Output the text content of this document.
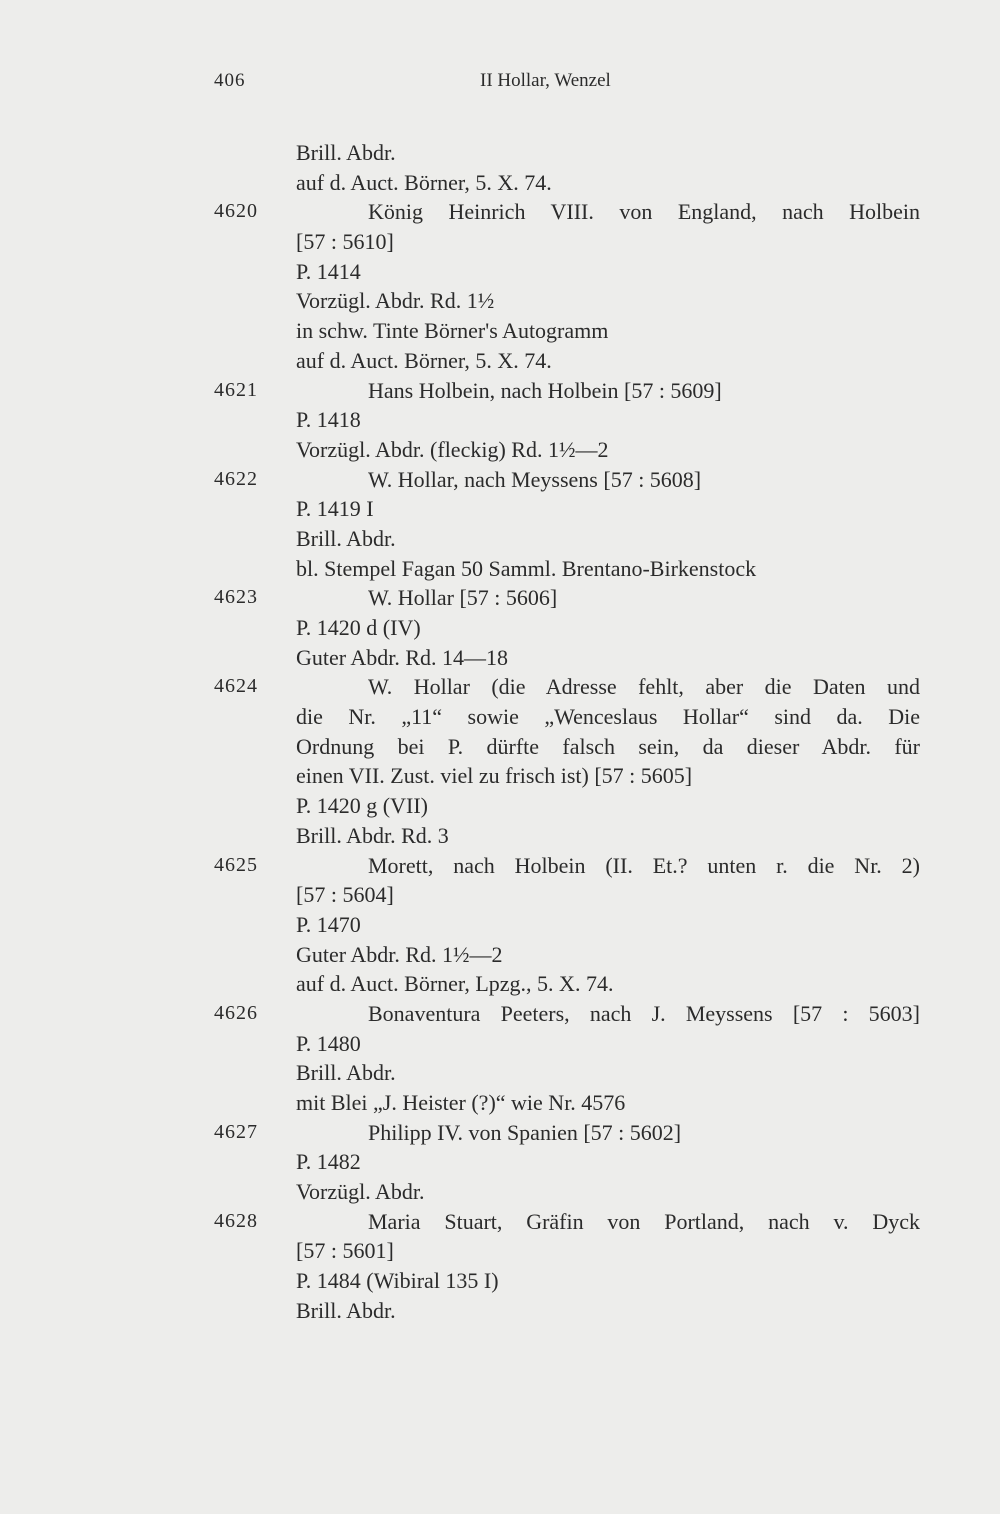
406	II Hollar, Wenzel
Brill. Abdr.
auf d. Auct. Börner, 5. X. 74.
4620	König Heinrich VIII. von England, nach Holbein
[57 : 5610]
P. 1414
Vorzügl. Abdr. Rd. 1½
in schw. Tinte Börner's Autogramm
auf d. Auct. Börner, 5. X. 74.
4621	Hans Holbein, nach Holbein [57 : 5609]
P. 1418
Vorzügl. Abdr. (fleckig) Rd. 1½—2
4622	W. Hollar, nach Meyssens [57 : 5608]
P. 1419 I
Brill. Abdr.
bl. Stempel Fagan 50 Samml. Brentano-Birkenstock
4623	W. Hollar [57 : 5606]
P. 1420 d (IV)
Guter Abdr. Rd. 14—18
4624	W. Hollar (die Adresse fehlt, aber die Daten und
die Nr. „11“ sowie „Wenceslaus Hollar“ sind da. Die
Ordnung bei P. dürfte falsch sein, da dieser Abdr. für
einen VII. Zust. viel zu frisch ist) [57 : 5605]
P. 1420 g (VII)
Brill. Abdr. Rd. 3
4625	Morett, nach Holbein (II. Et.? unten r. die Nr. 2)
[57 : 5604]
P. 1470
Guter Abdr. Rd. 1½—2
auf d. Auct. Börner, Lpzg., 5. X. 74.
4626	Bonaventura Peeters, nach J. Meyssens [57 : 5603]
P. 1480
Brill. Abdr.
mit Blei „J. Heister (?)“ wie Nr. 4576
4627	Philipp IV. von Spanien [57 : 5602]
P. 1482
Vorzügl. Abdr.
4628	Maria Stuart, Gräfin von Portland, nach v. Dyck
[57 : 5601]
P. 1484 (Wibiral 135 I)
Brill. Abdr.
